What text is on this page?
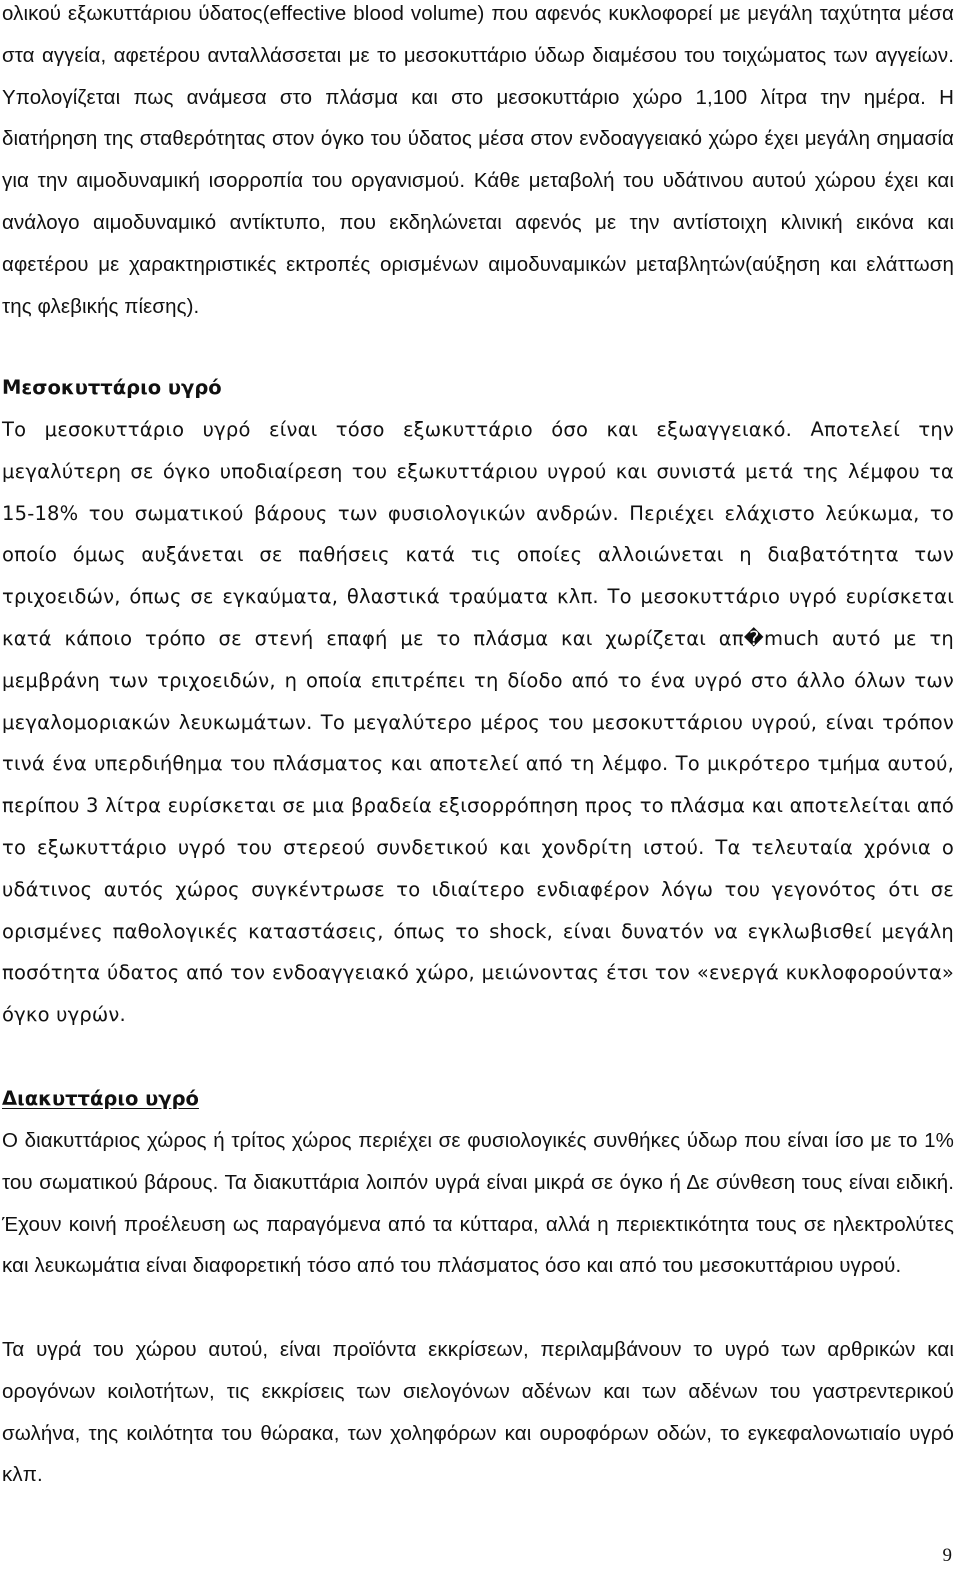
ολικού εξωκυττάριου ύδατος(effective blood volume) που αφενός κυκλοφορεί με μεγάλη ταχύτητα μέσα στα αγγεία, αφετέρου ανταλλάσσεται με το μεσοκυττάριο ύδωρ διαμέσου του τοιχώματος των αγγείων. Υπολογίζεται πως ανάμεσα στο πλάσμα και στο μεσοκυττάριο χώρο 1,100 λίτρα την ημέρα. Η διατήρηση της σταθερότητας στον όγκο του ύδατος μέσα στον ενδοαγγειακό χώρο έχει μεγάλη σημασία για την αιμοδυναμική ισορροπία του οργανισμού. Κάθε μεταβολή του υδάτινου αυτού χώρου έχει και ανάλογο αιμοδυναμικό αντίκτυπο, που εκδηλώνεται αφενός με την αντίστοιχη κλινική εικόνα και αφετέρου με χαρακτηριστικές εκτροπές ορισμένων αιμοδυναμικών μεταβλητών(αύξηση και ελάττωση της φλεβικής πίεσης).

Μεσοκυττάριο υγρό

Το μεσοκυττάριο υγρό είναι τόσο εξωκυττάριο όσο και εξωαγγειακό. Αποτελεί την μεγαλύτερη σε όγκο υποδιαίρεση του εξωκυττάριου υγρού και συνιστά μετά της λέμφου τα 15-18% του σωματικού βάρους των φυσιολογικών ανδρών. Περιέχει ελάχιστο λεύκωμα, το οποίο όμως αυξάνεται σε παθήσεις κατά τις οποίες αλλοιώνεται η διαβατότητα των τριχοειδών, όπως σε εγκαύματα, θλαστικά τραύματα κλπ. Το μεσοκυττάριο υγρό ευρίσκεται κατά κάποιο τρόπο σε στενή επαφή με το πλάσμα και χωρίζεται απ�much αυτό με τη μεμβράνη των τριχοειδών, η οποία επιτρέπει τη δίοδο από το ένα υγρό στο άλλο όλων των μεγαλομοριακών λευκωμάτων. Το μεγαλύτερο μέρος του μεσοκυττάριου υγρού, είναι τρόπον τινά ένα υπερδιήθημα του πλάσματος και αποτελεί από τη λέμφο. Το μικρότερο τμήμα αυτού, περίπου 3 λίτρα ευρίσκεται σε μια βραδεία εξισορρόπηση προς το πλάσμα και αποτελείται από το εξωκυττάριο υγρό του στερεού συνδετικού και χονδρίτη ιστού. Τα τελευταία χρόνια ο υδάτινος αυτός χώρος συγκέντρωσε το ιδιαίτερο ενδιαφέρον λόγω του γεγονότος ότι σε ορισμένες παθολογικές καταστάσεις, όπως το shock, είναι δυνατόν να εγκλωβισθεί μεγάλη ποσότητα ύδατος από τον ενδοαγγειακό χώρο, μειώνοντας έτσι τον «ενεργά κυκλοφορούντα» όγκο υγρών.

Διακυττάριο υγρό

Ο διακυττάριος χώρος ή τρίτος χώρος περιέχει σε φυσιολογικές συνθήκες ύδωρ που είναι ίσο με το 1% του σωματικού βάρους. Τα διακυττάρια λοιπόν υγρά είναι μικρά σε όγκο ή Δε σύνθεση τους είναι ειδική. Έχουν κοινή προέλευση ως παραγόμενα από τα κύτταρα, αλλά η περιεκτικότητα τους σε ηλεκτρολύτες και λευκωμάτια είναι διαφορετική τόσο από του πλάσματος όσο και από του μεσοκυττάριου υγρού.

Τα υγρά του χώρου αυτού, είναι προϊόντα εκκρίσεων, περιλαμβάνουν το υγρό των αρθρικών και ορογόνων κοιλοτήτων, τις εκκρίσεις των σιελογόνων αδένων και των αδένων του γαστρεντερικού σωλήνα, της κοιλότητα του θώρακα, των χοληφόρων και ουροφόρων οδών, το εγκεφαλονωτιαίο υγρό κλπ.

9
